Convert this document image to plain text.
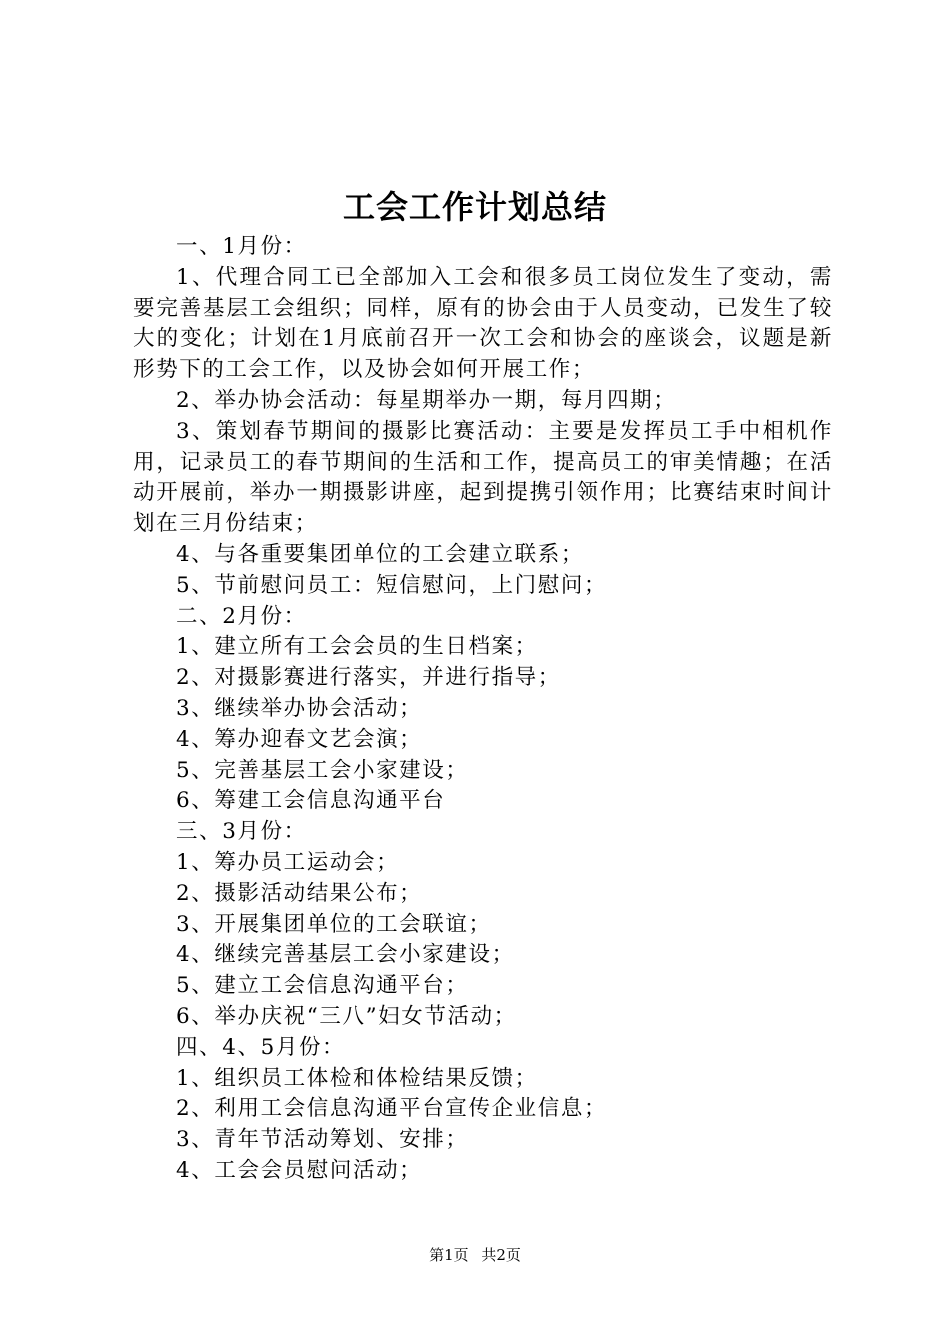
工会工作计划总结

一、1月份：

1、代理合同工已全部加入工会和很多员工岗位发生了变动，需要完善基层工会组织；同样，原有的协会由于人员变动，已发生了较大的变化；计划在1月底前召开一次工会和协会的座谈会，议题是新形势下的工会工作，以及协会如何开展工作；

2、举办协会活动：每星期举办一期，每月四期；

3、策划春节期间的摄影比赛活动：主要是发挥员工手中相机作用，记录员工的春节期间的生活和工作，提高员工的审美情趣；在活动开展前，举办一期摄影讲座，起到提携引领作用；比赛结束时间计划在三月份结束；

4、与各重要集团单位的工会建立联系；

5、节前慰问员工：短信慰问，上门慰问；

二、2月份：

1、建立所有工会会员的生日档案；

2、对摄影赛进行落实，并进行指导；

3、继续举办协会活动；

4、筹办迎春文艺会演；

5、完善基层工会小家建设；

6、筹建工会信息沟通平台

三、3月份：

1、筹办员工运动会；

2、摄影活动结果公布；

3、开展集团单位的工会联谊；

4、继续完善基层工会小家建设；

5、建立工会信息沟通平台；

6、举办庆祝“三八”妇女节活动；

四、4、5月份：

1、组织员工体检和体检结果反馈；

2、利用工会信息沟通平台宣传企业信息；

3、青年节活动筹划、安排；

4、工会会员慰问活动；

第1页 共2页
